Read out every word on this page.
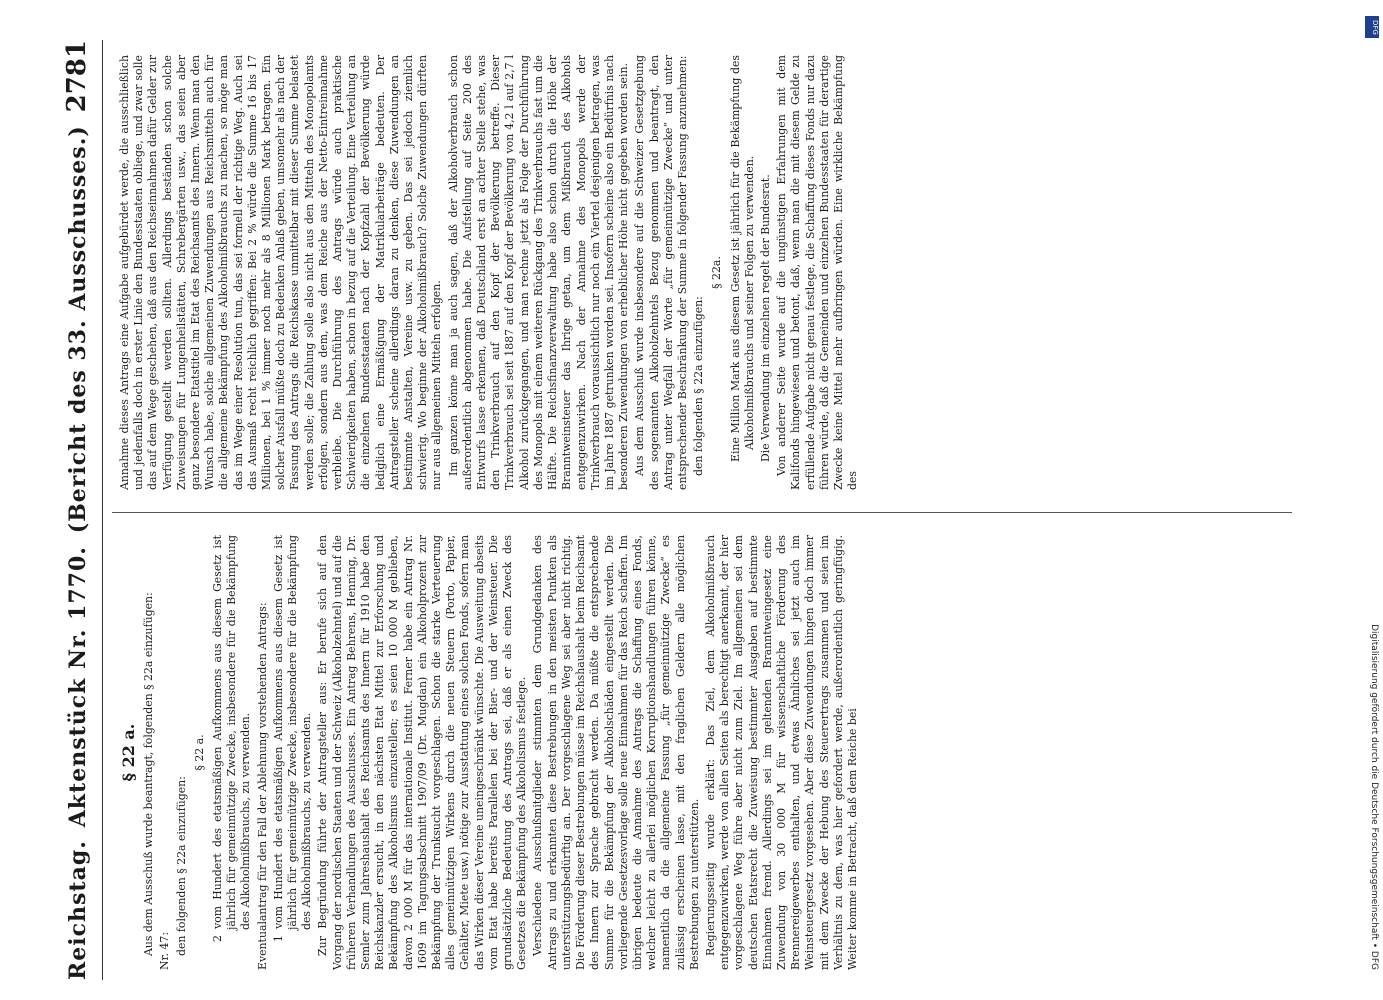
Reichstag.
Aktenstück Nr. 1770.
(Bericht des 33. Ausschusses.)
2781
§ 22 a. Aus dem Ausschuß wurde beantragt, folgenden § 22a einzufügen: Nr. 47: den folgenden § 22a einzufügen:

§ 22 a. 2 vom Hundert des etatsmäßigen Aufkommens aus diesem Gesetz ist jährlich für gemeinnützige Zwecke, insbesondere für die Bekämpfung des Alkoholmißbrauchs, zu verwenden. Eventualantrag für den Fall der Ablehnung vorstehenden Antrags: 1 vom Hundert des etatsmäßigen Aufkommens aus diesem Gesetz ist jährlich für gemeinnützige Zwecke, insbesondere für die Bekämpfung des Alkoholmißbrauchs, zu verwenden. Zur Begründung führte der Antragsteller aus: Er berufe sich auf den Vorgang der nordischen Staaten und der Schweiz (Alkoholzehntel) und auf die früheren Verhandlungen des Ausschusses. Ein Antrag Behrens, Henning, Dr. Semler zum Jahreshaushalt des Reichsamts des Innern für 1910 habe den Reichskanzler ersucht, in den nächsten Etat Mittel zur Erforschung und Bekämpfung des Alkoholismus einzustellen; es seien 10 000 M geblieben, davon 2 000 M für das internationale Institut. Ferner habe ein Antrag Nr. 1609 im Tagungsabschnitt 1907/09 (Dr. Mugdan) ein Alkoholprozent zur Bekämpfung der Trunksucht vorgeschlagen. Schon die starke Verteuerung alles gemeinnützigen Wirkens durch die neuen Steuern (Porto, Papier, Gehälter, Miete usw.) nötige zur Ausstattung eines solchen Fonds, sofern man das Wirken dieser Vereine uneingeschränkt wünschte. Die Ausweitung abseits vom Etat habe bereits Parallelen bei der Bier- und der Weinsteuer. Die grundsätzliche Bedeutung des Antrags sei, daß er als einen Zweck des Gesetzes die Bekämpfung des Alkoholismus festlege. Verschiedene Ausschußmitglieder stimmten dem Grundgedanken des Antrags zu und erkannten diese Bestrebungen in den meisten Punkten als unterstützungsbedürftig an. Der vorgeschlagene Weg sei aber nicht richtig. Die Förderung dieser Bestrebungen müsse im Reichshaushalt beim Reichsamt des Innern zur Sprache gebracht werden. Da müßte die entsprechende Summe für die Bekämpfung der Alkoholschäden eingestellt werden. Die vorliegende Gesetzesvorlage solle neue Einnahmen für das Reich schaffen. Im übrigen bedeute die Annahme des Antrags die Schaffung eines Fonds, welcher leicht zu allerlei möglichen Korruptionshandlungen führen könne, namentlich da die allgemeine Fassung „für gemeinnützige Zwecke“ es zulässig erscheinen lasse, mit den fraglichen Geldern alle möglichen Bestrebungen zu unterstützen. Regierungsseitig wurde erklärt: Das Ziel, dem Alkoholmißbrauch entgegenzuwirken, werde von allen Seiten als berechtigt anerkannt, der hier vorgeschlagene Weg führe aber nicht zum Ziel. Im allgemeinen sei dem deutschen Etatsrecht die Zuweisung bestimmter Ausgaben auf bestimmte Einnahmen fremd. Allerdings sei im geltenden Branntweingesetz eine Zuwendung von 30 000 M für wissenschaftliche Förderung des Brennereigewerbes enthalten, und etwas Ähnliches sei jetzt auch im Weinsteuergesetz vorgesehen. Aber diese Zuwendungen hingen doch immer mit dem Zwecke der Hebung des Steuerertrags zusammen und seien im Verhältnis zu dem, was hier gefordert werde, außerordentlich geringfügig. Weiter komme in Betracht, daß dem Reiche bei

Annahme dieses Antrags eine Aufgabe aufgebürdet werde, die ausschließlich und jedenfalls doch in erster Linie den Bundesstaaten obliege, und zwar solle das auf dem Wege geschehen, daß aus den Reichseinnahmen dafür Gelder zur Verfügung gestellt werden sollten. Allerdings beständen schon solche Zuweisungen für Lungenheilstätten, Schrebergärten usw., das seien aber ganz besondere Etatstitel im Etat des Reichsamts des Innern. Wenn man den Wunsch habe, solche allgemeinen Zuwendungen aus Reichsmitteln auch für die allgemeine Bekämpfung des Alkoholmißbrauchs zu machen, so möge man das im Wege einer Resolution tun, das sei formell der richtige Weg. Auch sei das Ausmaß recht reichlich gegriffen: Bei 2 % würde die Summe 16 bis 17 Millionen, bei 1 % immer noch mehr als 8 Millionen Mark betragen. Ein solcher Ausfall müßte doch zu Bedenken Anlaß geben, umsomehr als nach der Fassung des Antrags die Reichskasse unmittelbar mit dieser Summe belastet werden solle; die Zahlung solle also nicht aus den Mitteln des Monopolamts erfolgen, sondern aus dem, was dem Reiche aus der Netto-Eintreinnahme verbleibe. Die Durchführung des Antrags würde auch praktische Schwierigkeiten haben, schon in bezug auf die Verteilung. Eine Verteilung an die einzelnen Bundesstaaten nach der Kopfzahl der Bevölkerung würde lediglich eine Ermäßigung der Matrikularbeiträge bedeuten. Der Antragsteller scheine allerdings daran zu denken, diese Zuwendungen an bestimmte Anstalten, Vereine usw. zu geben. Das sei jedoch ziemlich schwierig. Wo beginne der Alkoholmißbrauch? Solche Zuwendungen dürften nur aus allgemeinen Mitteln erfolgen. Im ganzen könne man ja auch sagen, daß der Alkoholverbrauch schon außerordentlich abgenommen habe. Die Aufstellung auf Seite 200 des Entwurfs lasse erkennen, daß Deutschland erst an achter Stelle stehe, was den Trinkverbrauch auf den Kopf der Bevölkerung betreffe. Dieser Trinkverbrauch sei seit 1887 auf den Kopf der Bevölkerung von 4,2 l auf 2,7 l Alkohol zurückgegangen, und man rechne jetzt als Folge der Durchführung des Monopols mit einem weiteren Rückgang des Trinkverbrauchs fast um die Hälfte. Die Reichsfinanzverwaltung habe also schon durch die Höhe der Branntweinsteuer das Ihrige getan, um dem Mißbrauch des Alkohols entgegenzuwirken. Nach der Annahme des Monopols werde der Trinkverbrauch voraussichtlich nur noch ein Viertel desjenigen betragen, was im Jahre 1887 getrunken worden sei. Insofern scheine also ein Bedürfnis nach besonderen Zuwendungen von erheblicher Höhe nicht gegeben worden sein. Aus dem Ausschuß wurde insbesondere auf die Schweizer Gesetzgebung des sogenannten Alkoholzehntels Bezug genommen und beantragt, den Antrag unter Wegfall der Worte „für gemeinnützige Zwecke“ und unter entsprechender Beschränkung der Summe in folgender Fassung anzunehmen: den folgenden § 22a einzufügen:

§ 22a. Eine Million Mark aus diesem Gesetz ist jährlich für die Bekämpfung des Alkoholmißbrauchs und seiner Folgen zu verwenden. Die Verwendung im einzelnen regelt der Bundesrat. Von anderer Seite wurde auf die ungünstigen Erfahrungen mit dem Kalifonds hingewiesen und betont, daß, wenn man die mit diesem Gelde zu erfüllende Aufgabe nicht genau festlege, die Schaffung dieses Fonds nur dazu führen würde, daß die Gemeinden und einzelnen Bundesstaaten für derartige Zwecke keine Mittel mehr aufbringen würden. Eine wirkliche Bekämpfung des

DFG
Digitalisierung gefördert durch die Deutsche Forschungsgemeinschaft • DFG
